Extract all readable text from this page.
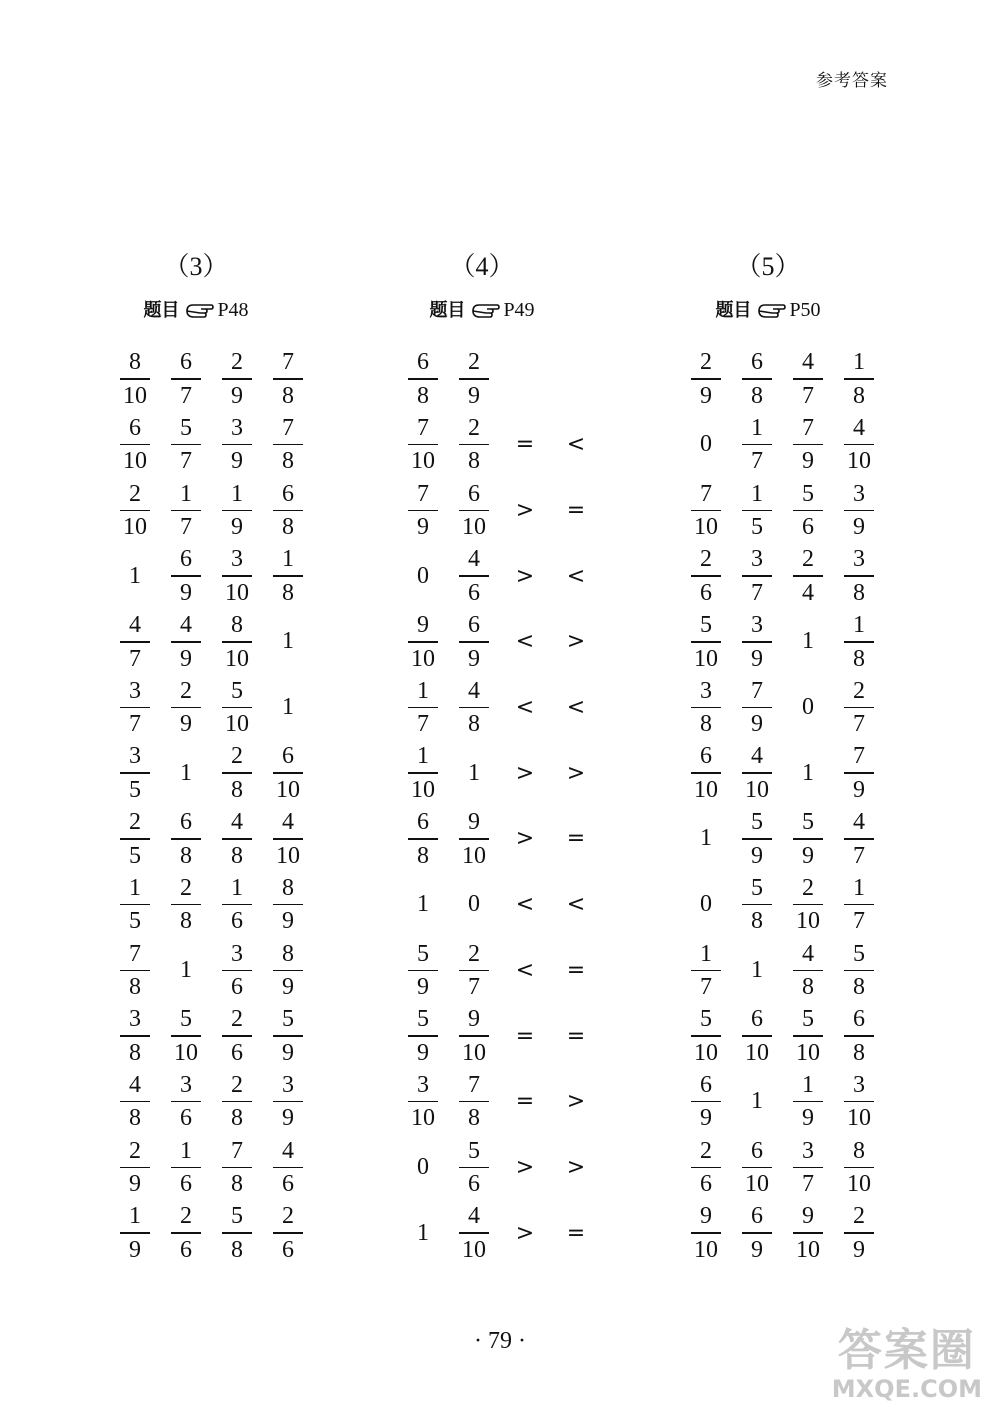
参考答案
（3）
题目 P48
$\frac{8}{10} \frac{6}{7} \frac{2}{9} \frac{7}{8}$
$\frac{6}{10} \frac{5}{7} \frac{3}{9} \frac{7}{8}$
$\frac{2}{10} \frac{1}{7} \frac{1}{9} \frac{6}{8}$
$1 \frac{6}{9} \frac{3}{10} \frac{1}{8}$
$\frac{4}{7} \frac{4}{9} \frac{8}{10} 1$
$\frac{3}{7} \frac{2}{9} \frac{5}{10} 1$
$\frac{3}{5} 1 \frac{2}{8} \frac{6}{10}$
$\frac{2}{5} \frac{6}{8} \frac{4}{8} \frac{4}{10}$
$\frac{1}{5} \frac{2}{8} \frac{1}{6} \frac{8}{9}$
$\frac{7}{8} 1 \frac{3}{6} \frac{8}{9}$
$\frac{3}{8} \frac{5}{10} \frac{2}{6} \frac{5}{9}$
$\frac{4}{8} \frac{3}{6} \frac{2}{8} \frac{3}{9}$
$\frac{2}{9} \frac{1}{6} \frac{7}{8} \frac{4}{6}$
$\frac{1}{9} \frac{2}{6} \frac{5}{8} \frac{2}{6}$
（4）
题目 P49
$\frac{6}{8} \frac{2}{9}$
$\frac{7}{10} \frac{2}{8}$ = <
$\frac{7}{9} \frac{6}{10}$ > =
$0 \frac{4}{6}$ > <
$\frac{9}{10} \frac{6}{9}$ < >
$\frac{1}{7} \frac{4}{8}$ < <
$\frac{1}{10} 1$ > >
$\frac{6}{8} \frac{9}{10}$ > =
1 0 < <
$\frac{5}{9} \frac{2}{7}$ < =
$\frac{5}{9} \frac{9}{10}$ = =
$\frac{3}{10} \frac{7}{8}$ = >
$0 \frac{5}{6}$ > >
$1 \frac{4}{10}$ > =
（5）
题目 P50
$\frac{2}{9} \frac{6}{8} \frac{4}{7} \frac{1}{8}$
$0 \frac{1}{7} \frac{7}{9} \frac{4}{10}$
$\frac{7}{10} \frac{1}{5} \frac{5}{6} \frac{3}{9}$
$\frac{2}{6} \frac{3}{7} \frac{2}{4} \frac{3}{8}$
$\frac{5}{10} \frac{3}{9} 1 \frac{1}{8}$
$\frac{3}{8} \frac{7}{9} 0 \frac{2}{7}$
$\frac{6}{10} \frac{4}{10} 1 \frac{7}{9}$
$1 \frac{5}{9} \frac{5}{9} \frac{4}{7}$
$0 \frac{5}{8} \frac{2}{10} \frac{1}{7}$
$\frac{1}{7} 1 \frac{4}{8} \frac{5}{8}$
$\frac{5}{10} \frac{6}{10} \frac{5}{10} \frac{6}{8}$
$\frac{6}{9} 1 \frac{1}{9} \frac{3}{10}$
$\frac{2}{6} \frac{6}{10} \frac{3}{7} \frac{8}{10}$
$\frac{9}{10} \frac{6}{9} \frac{9}{10} \frac{2}{9}$
· 79 ·	答案圈
MXQE.COM
